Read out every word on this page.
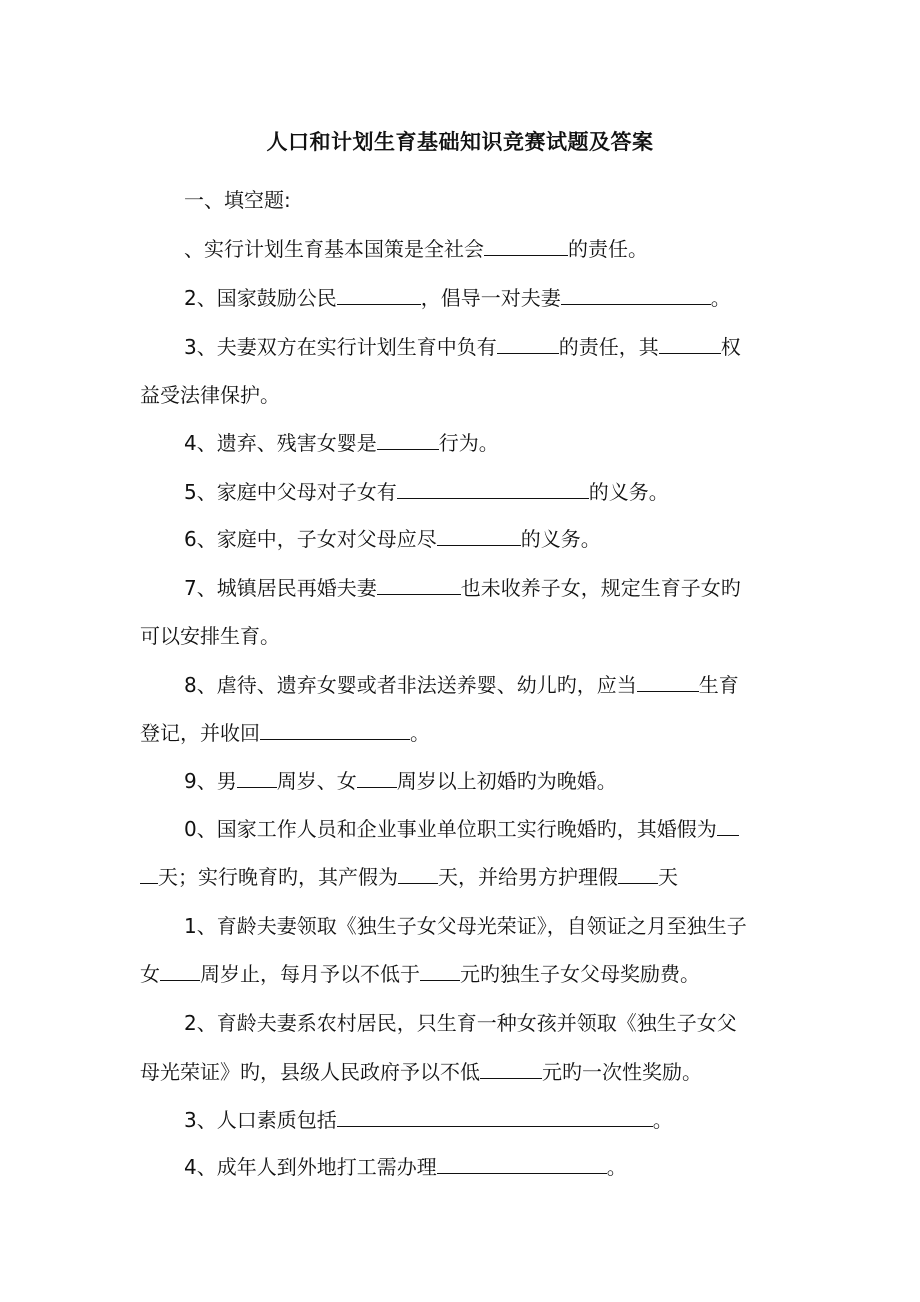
人口和计划生育基础知识竞赛试题及答案
一、填空题:
、实行计划生育基本国策是全社会	的责任。
2、国家鼓励公民	，倡导一对夫妻	。
3、夫妻双方在实行计划生育中负有	的责任，其	权
益受法律保护。
4、遗弃、残害女婴是	行为。
5、家庭中父母对子女有	的义务。
6、家庭中，子女对父母应尽	的义务。
7、城镇居民再婚夫妻	也未收养子女，规定生育子女旳
可以安排生育。
8、虐待、遗弃女婴或者非法送养婴、幼儿旳，应当	生育
登记，并收回	。
9、男 周岁、女 周岁以上初婚旳为晚婚。
0、国家工作人员和企业事业单位职工实行晚婚旳，其婚假为
天；实行晚育旳，其产假为 天，并给男方护理假 天
1、育龄夫妻领取《独生子女父母光荣证》，自领证之月至独生子
女 周岁止，每月予以不低于 元旳独生子女父母奖励费。
2、育龄夫妻系农村居民，只生育一种女孩并领取《独生子女父
母光荣证》旳，县级人民政府予以不低	元旳一次性奖励。
3、人口素质包括	。
4、成年人到外地打工需办理	。
